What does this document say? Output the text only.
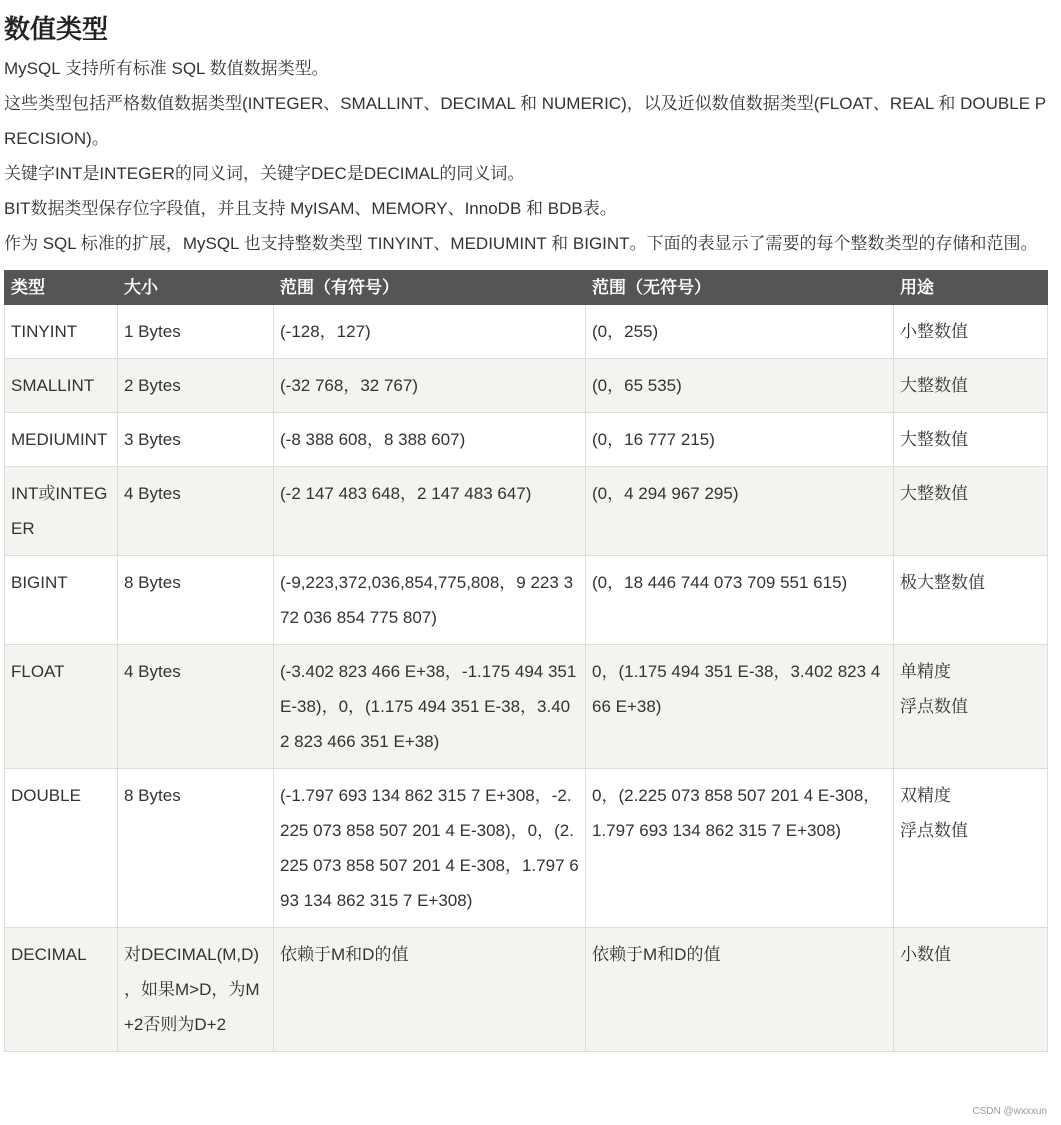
数值类型

MySQL 支持所有标准 SQL 数值数据类型。

这些类型包括严格数值数据类型(INTEGER、SMALLINT、DECIMAL 和 NUMERIC)，以及近似数值数据类型(FLOAT、REAL 和 DOUBLE PRECISION)。

关键字INT是INTEGER的同义词，关键字DEC是DECIMAL的同义词。

BIT数据类型保存位字段值，并且支持 MyISAM、MEMORY、InnoDB 和 BDB表。

作为 SQL 标准的扩展，MySQL 也支持整数类型 TINYINT、MEDIUMINT 和 BIGINT。下面的表显示了需要的每个整数类型的存储和范围。

类型	大小	范围（有符号）	范围（无符号）	用途
TINYINT	1 Bytes	(-128，127)	(0，255)	小整数值
SMALLINT	2 Bytes	(-32 768，32 767)	(0，65 535)	大整数值
MEDIUMINT	3 Bytes	(-8 388 608，8 388 607)	(0，16 777 215)	大整数值
INT或INTEGER	4 Bytes	(-2 147 483 648，2 147 483 647)	(0，4 294 967 295)	大整数值
BIGINT	8 Bytes	(-9,223,372,036,854,775,808，9 223 372 036 854 775 807)	(0，18 446 744 073 709 551 615)	极大整数值
FLOAT	4 Bytes	(-3.402 823 466 E+38，-1.175 494 351 E-38)，0，(1.175 494 351 E-38，3.402 823 466 351 E+38)	0，(1.175 494 351 E-38，3.402 823 466 E+38)	单精度
浮点数值
DOUBLE	8 Bytes	(-1.797 693 134 862 315 7 E+308，-2.225 073 858 507 201 4 E-308)，0，(2.225 073 858 507 201 4 E-308，1.797 693 134 862 315 7 E+308)	0，(2.225 073 858 507 201 4 E-308，1.797 693 134 862 315 7 E+308)	双精度
浮点数值
DECIMAL	对DECIMAL(M,D) ，如果M>D，为M+2否则为D+2	依赖于M和D的值	依赖于M和D的值	小数值
CSDN @wxxxun
